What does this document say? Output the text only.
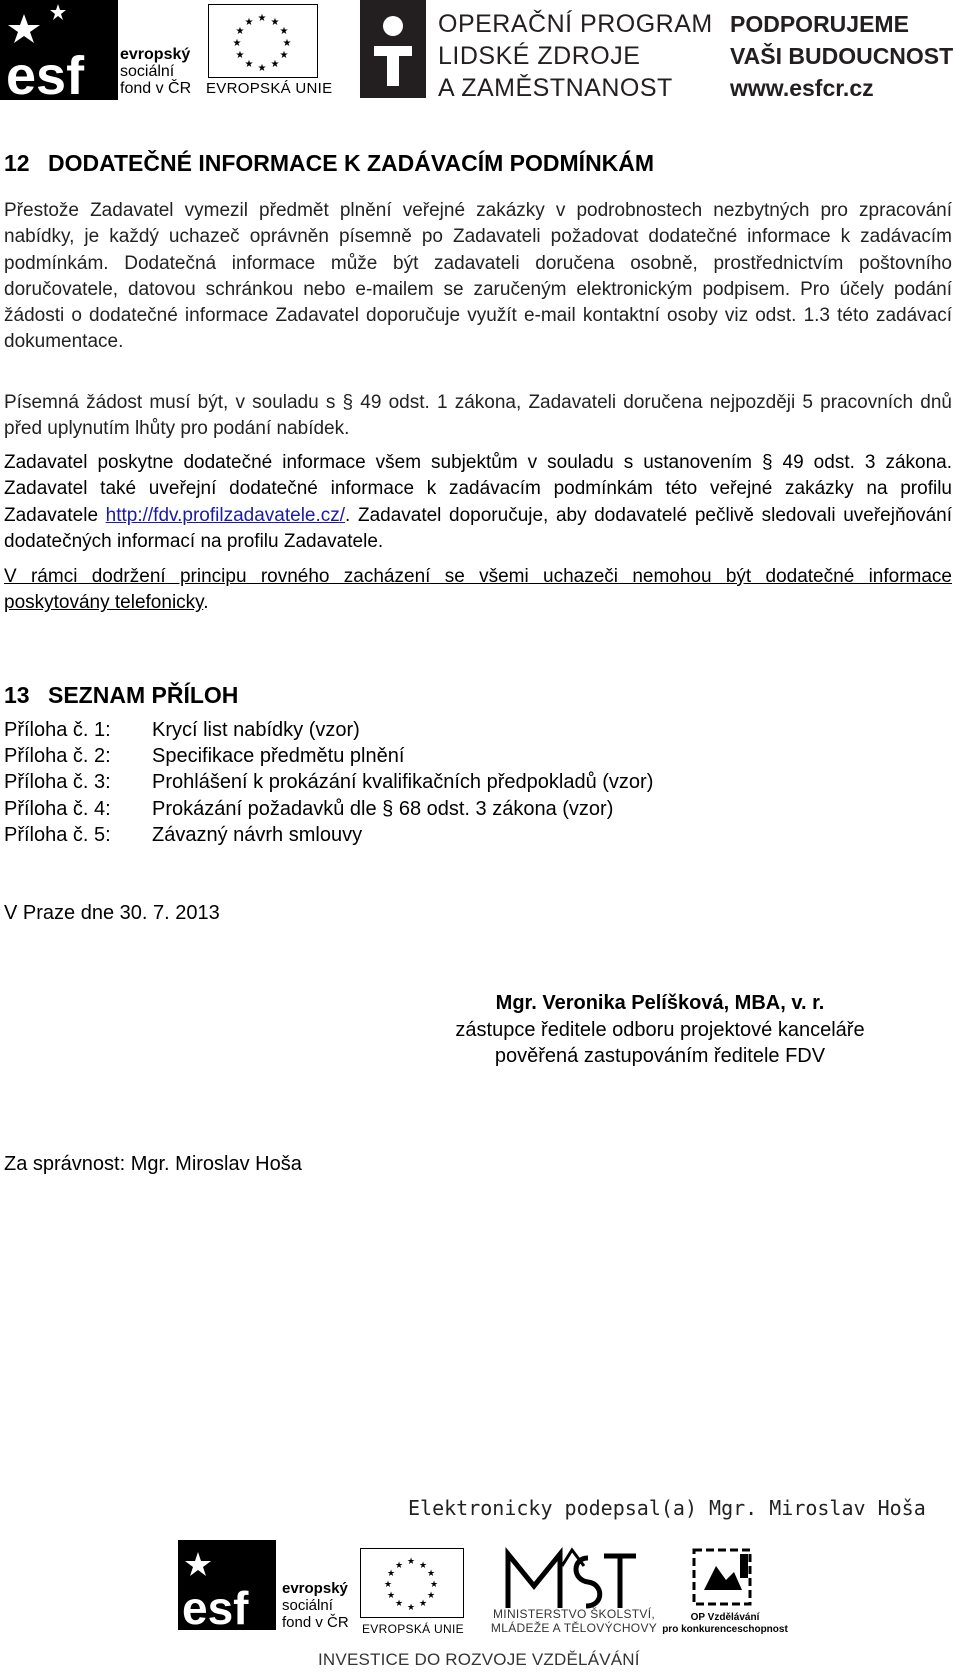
esf evropský
sociální
fond v ČR
★ ★
★
★
★
★
★
★
★
★
★
★
EVROPSKÁ UNIE
OPERAČNÍ PROGRAM
LIDSKÉ ZDROJE
A ZAMĚSTNANOST
PODPORUJEME
VAŠI BUDOUCNOST
www.esfcr.cz
12 DODATEČNÉ INFORMACE K ZADÁVACÍM PODMÍNKÁM
Přestože Zadavatel vymezil předmět plnění veřejné zakázky v podrobnostech nezbytných pro zpracování nabídky, je každý uchazeč oprávněn písemně po Zadavateli požadovat dodatečné informace k zadávacím podmínkám. Dodatečná informace může být zadavateli doručena osobně, prostřednictvím poštovního doručovatele, datovou schránkou nebo e-mailem se zaručeným elektronickým podpisem. Pro účely podání žádosti o dodatečné informace Zadavatel doporučuje využít e-mail kontaktní osoby viz odst. 1.3 této zadávací dokumentace.
Písemná žádost musí být, v souladu s § 49 odst. 1 zákona, Zadavateli doručena nejpozději 5 pracovních dnů před uplynutím lhůty pro podání nabídek.
Zadavatel poskytne dodatečné informace všem subjektům v souladu s ustanovením § 49 odst. 3 zákona. Zadavatel také uveřejní dodatečné informace k zadávacím podmínkám této veřejné zakázky na profilu Zadavatele http://fdv.profilzadavatele.cz/. Zadavatel doporučuje, aby dodavatelé pečlivě sledovali uveřejňování dodatečných informací na profilu Zadavatele.
V rámci dodržení principu rovného zacházení se všemi uchazeči nemohou být dodatečné informace poskytovány telefonicky.
13 SEZNAM PŘÍLOH
Příloha č. 1:	Krycí list nabídky (vzor)
Příloha č. 2:	Specifikace předmětu plnění
Příloha č. 3:	Prohlášení k prokázání kvalifikačních předpokladů (vzor)
Příloha č. 4:	Prokázání požadavků dle § 68 odst. 3 zákona (vzor)
Příloha č. 5:	Závazný návrh smlouvy
V Praze dne 30. 7. 2013
Mgr. Veronika Pelíšková, MBA, v. r.
zástupce ředitele odboru projektové kanceláře
pověřená zastupováním ředitele FDV
Za správnost: Mgr. Miroslav Hoša
Elektronicky podepsal(a) Mgr. Miroslav Hoša
esf evropský
sociální
fond v ČR
★ ★
★
★
★
★
★
★
★
★
★
★
EVROPSKÁ UNIE
MINISTERSTVO ŠKOLSTVÍ,
MLÁDEŽE A TĚLOVÝCHOVY
OP Vzdělávání
pro konkurenceschopnost
INVESTICE DO ROZVOJE VZDĚLÁVÁNÍ
